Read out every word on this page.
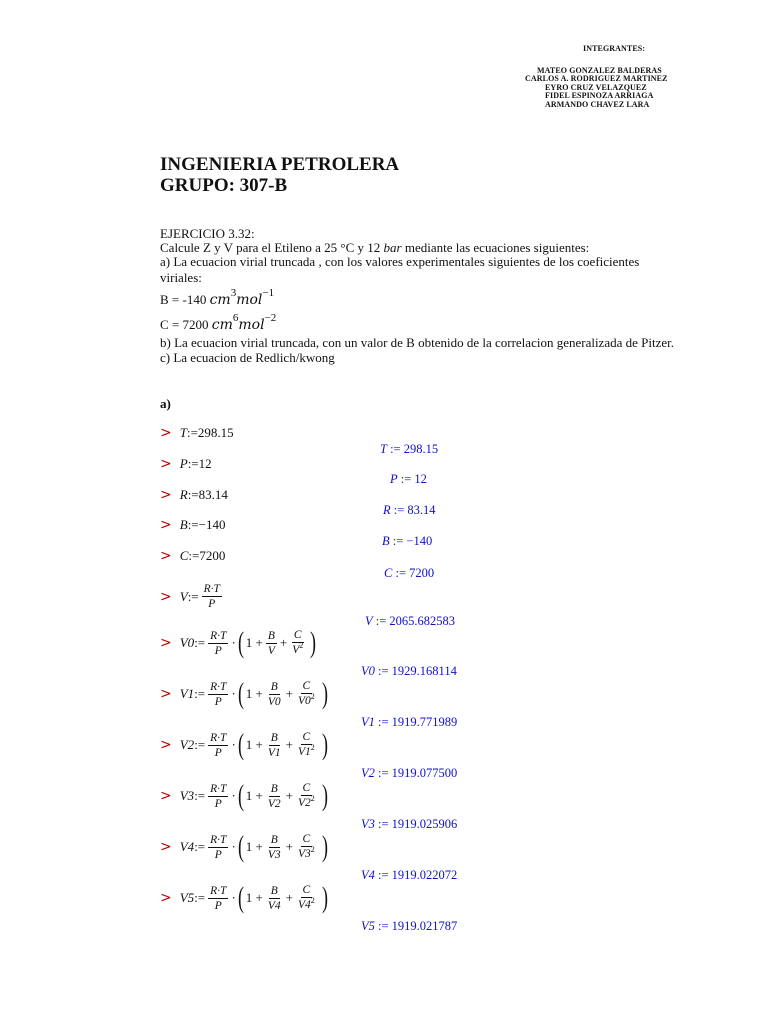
INTEGRANTES:
MATEO GONZALEZ BALDERAS
CARLOS A. RODRIGUEZ MARTINEZ
EYRO CRUZ VELAZQUEZ
FIDEL ESPINOZA ARRIAGA
ARMANDO CHAVEZ LARA
INGENIERIA PETROLERA
GRUPO: 307-B
EJERCICIO 3.32:
Calcule Z y V para el Etileno a 25 °C y 12 bar mediante las ecuaciones siguientes:
a) La ecuacion virial truncada , con los valores experimentales siguientes de los coeficientes
viriales:
B = -140 $cm^3mol^{-1}$
C = 7200 $cm^6mol^{-2}$
b) La ecuacion virial truncada, con un valor de B obtenido de la correlacion generalizada de Pitzer.
c) La ecuacion de Redlich/kwong
a)
> T := 298.15
T := 298.15
> P := 12
P := 12
> R := 83.14
R := 83.14
> B := −140
B := −140
> C := 7200
C := 7200
> V := $\frac{R\cdot T}{P}$
V := 2065.682583
> V0 := $\frac{R\cdot T}{P}$ · ( $1 + \frac{B}{V} + \frac{C}{V^2}$ )
V0 := 1929.168114
> V1 := $\frac{R\cdot T}{P}$ · ( $1 + \frac{B}{V0} + \frac{C}{V0^2}$ )
V1 := 1919.771989
> V2 := $\frac{R\cdot T}{P}$ · ( $1 + \frac{B}{V1} + \frac{C}{V1^2}$ )
V2 := 1919.077500
> V3 := $\frac{R\cdot T}{P}$ · ( $1 + \frac{B}{V2} + \frac{C}{V2^2}$ )
V3 := 1919.025906
> V4 := $\frac{R\cdot T}{P}$ · ( $1 + \frac{B}{V3} + \frac{C}{V3^2}$ )
V4 := 1919.022072
> V5 := $\frac{R\cdot T}{P}$ · ( $1 + \frac{B}{V4} + \frac{C}{V4^2}$ )
V5 := 1919.021787
